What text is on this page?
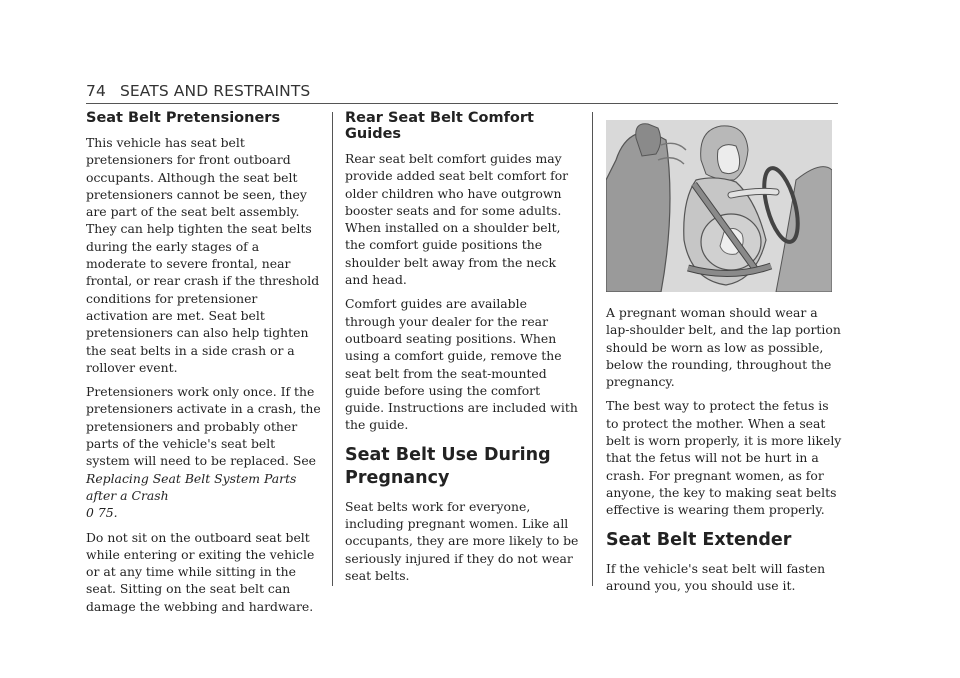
74 SEATS AND RESTRAINTS
Seat Belt Pretensioners

This vehicle has seat belt pretensioners for front outboard occupants. Although the seat belt pretensioners cannot be seen, they are part of the seat belt assembly. They can help tighten the seat belts during the early stages of a moderate to severe frontal, near frontal, or rear crash if the threshold conditions for pretensioner activation are met. Seat belt pretensioners can also help tighten the seat belts in a side crash or a rollover event.

Pretensioners work only once. If the pretensioners activate in a crash, the pretensioners and probably other parts of the vehicle's seat belt system will need to be replaced. See Replacing Seat Belt System Parts after a Crash
0 75.

Do not sit on the outboard seat belt while entering or exiting the vehicle or at any time while sitting in the seat. Sitting on the seat belt can damage the webbing and hardware.

Rear Seat Belt Comfort Guides

Rear seat belt comfort guides may provide added seat belt comfort for older children who have outgrown booster seats and for some adults. When installed on a shoulder belt, the comfort guide positions the shoulder belt away from the neck and head.

Comfort guides are available through your dealer for the rear outboard seating positions. When using a comfort guide, remove the seat belt from the seat-mounted guide before using the comfort guide. Instructions are included with the guide.

Seat Belt Use During Pregnancy

Seat belts work for everyone, including pregnant women. Like all occupants, they are more likely to be seriously injured if they do not wear seat belts.

A pregnant woman should wear a lap-shoulder belt, and the lap portion should be worn as low as possible, below the rounding, throughout the pregnancy.

The best way to protect the fetus is to protect the mother. When a seat belt is worn properly, it is more likely that the fetus will not be hurt in a crash. For pregnant women, as for anyone, the key to making seat belts effective is wearing them properly.

Seat Belt Extender

If the vehicle's seat belt will fasten around you, you should use it.
